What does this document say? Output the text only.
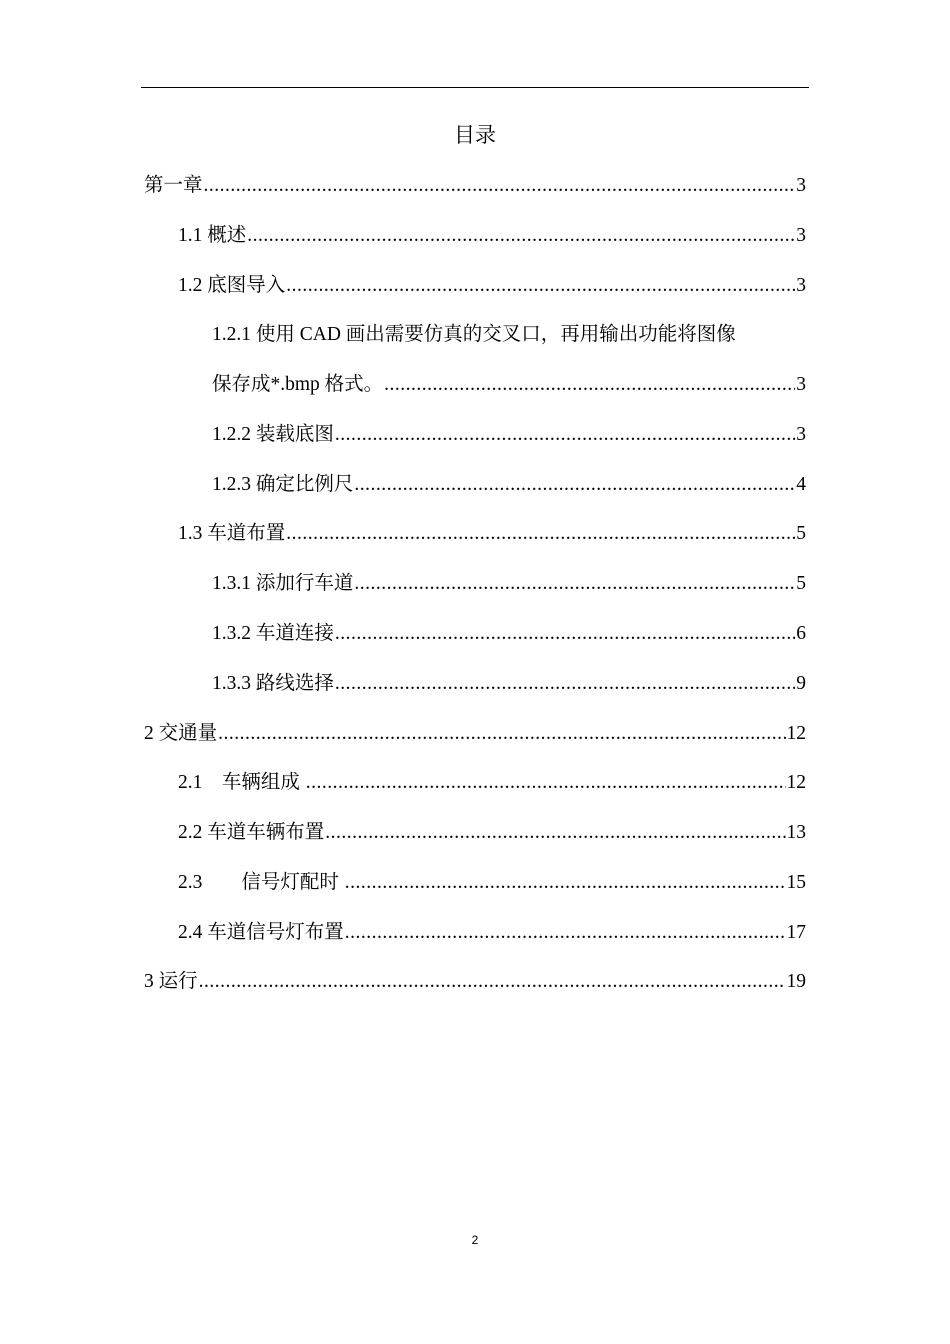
目录
第一章 .....	3
1.1 概述 .....	3
1.2 底图导入 .....	3
1.2.1 使用 CAD 画出需要仿真的交叉口，再用输出功能将图像
保存成*.bmp 格式。 .....	3
1.2.2 装载底图 .....	3
1.2.3 确定比例尺 .....	4
1.3 车道布置 .....	5
1.3.1 添加行车道 .....	5
1.3.2 车道连接 .....	6
1.3.3 路线选择 .....	9
2 交通量 .....	12
2.1    车辆组成 .....	12
2.2 车道车辆布置 .....	13
2.3        信号灯配时 .....	15
2.4 车道信号灯布置 .....	17
3 运行 .....	19
2
